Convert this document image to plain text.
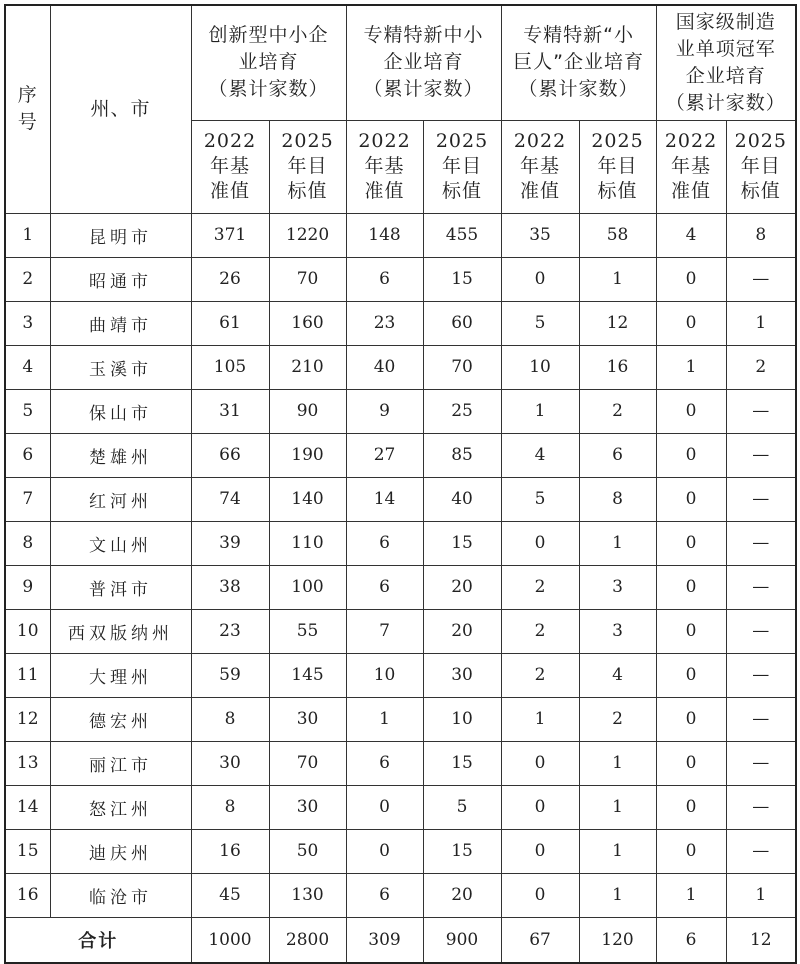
序
号	州、市	创新型中小企
业培育
（累计家数）		专精特新中小
企业培育
（累计家数）		专精特新“小
巨人”企业培育
（累计家数）		国家级制造
业单项冠军
企业培育
（累计家数）	

		2022
年基
准值	2025
年目
标值	2022
年基
准值	2025
年目
标值	2022
年基
准值	2025
年目
标值	2022
年基
准值	2025
年目
标值

1	昆明市	371	1220	148	455	35	58	4	8
2	昭通市	26	70	6	15	0	1	0	—
3	曲靖市	61	160	23	60	5	12	0	1
4	玉溪市	105	210	40	70	10	16	1	2
5	保山市	31	90	9	25	1	2	0	—
6	楚雄州	66	190	27	85	4	6	0	—
7	红河州	74	140	14	40	5	8	0	—
8	文山州	39	110	6	15	0	1	0	—
9	普洱市	38	100	6	20	2	3	0	—
10	西双版纳州	23	55	7	20	2	3	0	—
11	大理州	59	145	10	30	2	4	0	—
12	德宏州	8	30	1	10	1	2	0	—
13	丽江市	30	70	6	15	0	1	0	—
14	怒江州	8	30	0	5	0	1	0	—
15	迪庆州	16	50	0	15	0	1	0	—
16	临沧市	45	130	6	20	0	1	1	1
合计		1000	2800	309	900	67	120	6	12
